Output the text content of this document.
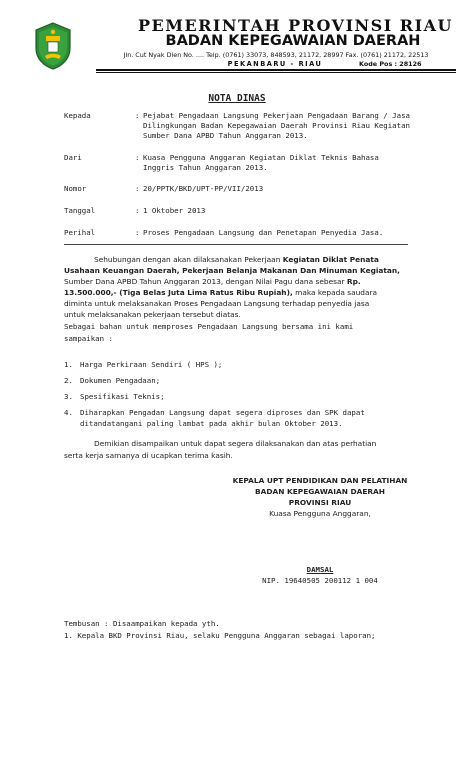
PEMERINTAH PROVINSI RIAU
BADAN KEPEGAWAIAN DAERAH
Jln. Cut Nyak Dien No. .... Telp. (0761) 33073, 848593, 21172, 28997 Fax. (0761) 21172, 22513
PEKANBARU - RIAU	Kode Pos : 28126
NOTA DINAS
Kepada	: Pejabat Pengadaan Langsung Pekerjaan Pengadaan Barang / Jasa
Dilingkungan Badan Kepegawaian Daerah Provinsi Riau Kegiatan
Sumber Dana APBD Tahun Anggaran 2013.
Dari	: Kuasa Pengguna Anggaran Kegiatan Diklat Teknis Bahasa
Inggris Tahun Anggaran 2013.
Nomor	: 20/PPTK/BKD/UPT-PP/VII/2013
Tanggal	: 1 Oktober 2013
Perihal	: Proses Pengadaan Langsung dan Penetapan Penyedia Jasa.
Sehubungan dengan akan dilaksanakan Pekerjaan Kegiatan Diklat Penata
Usahaan Keuangan Daerah, Pekerjaan Belanja Makanan Dan Minuman Kegiatan,
Sumber Dana APBD Tahun Anggaran 2013, dengan Nilai Pagu dana sebesar Rp.
13.500.000,- (Tiga Belas Juta Lima Ratus Ribu Rupiah), maka kepada saudara
diminta untuk melaksanakan Proses Pengadaan Langsung terhadap penyedia jasa
untuk melaksanakan pekerjaan tersebut diatas.
Sebagai bahan untuk memproses Pengadaan Langsung bersama ini kami
sampaikan :
1. Harga Perkiraan Sendiri ( HPS );
2. Dokumen Pengadaan;
3. Spesifikasi Teknis;
4. Diharapkan Pengadan Langsung dapat segera diproses dan SPK dapat
ditandatangani paling lambat pada akhir bulan Oktober 2013.
Demikian disampaikan untuk dapat segera dilaksanakan dan atas perhatian
serta kerja samanya di ucapkan terima kasih.
KEPALA UPT PENDIDIKAN DAN PELATIHAN
BADAN KEPEGAWAIAN DAERAH
PROVINSI RIAU
Kuasa Pengguna Anggaran,
DAMSAL
NIP. 19640505 200112 1 004
Tembusan : Disaampaikan kepada yth.
1. Kepala BKD Provinsi Riau, selaku Pengguna Anggaran sebagai laporan;
